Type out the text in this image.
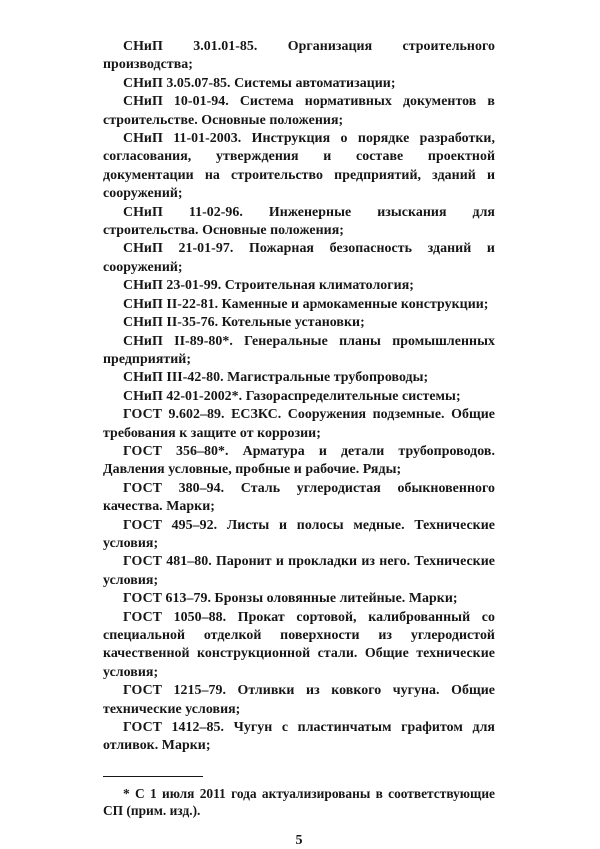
СНиП 3.01.01-85. Организация строительного производства;

СНиП 3.05.07-85. Системы автоматизации;

СНиП 10-01-94. Система нормативных документов в строительстве. Основные положения;

СНиП 11-01-2003. Инструкция о порядке разработки, согласования, утверждения и составе проектной документации на строительство предприятий, зданий и сооружений;

СНиП 11-02-96. Инженерные изыскания для строительства. Основные положения;

СНиП 21-01-97. Пожарная безопасность зданий и сооружений;

СНиП 23-01-99. Строительная климатология;

СНиП II-22-81. Каменные и армокаменные конструкции;

СНиП II-35-76. Котельные установки;

СНиП II-89-80*. Генеральные планы промышленных предприятий;

СНиП III-42-80. Магистральные трубопроводы;

СНиП 42-01-2002*. Газораспределительные системы;

ГОСТ 9.602–89. ЕСЗКС. Сооружения подземные. Общие требования к защите от коррозии;

ГОСТ 356–80*. Арматура и детали трубопроводов. Давления условные, пробные и рабочие. Ряды;

ГОСТ 380–94. Сталь углеродистая обыкновенного качества. Марки;

ГОСТ 495–92. Листы и полосы медные. Технические условия;

ГОСТ 481–80. Паронит и прокладки из него. Технические условия;

ГОСТ 613–79. Бронзы оловянные литейные. Марки;

ГОСТ 1050–88. Прокат сортовой, калиброванный со специальной отделкой поверхности из углеродистой качественной конструкционной стали. Общие технические условия;

ГОСТ 1215–79. Отливки из ковкого чугуна. Общие технические условия;

ГОСТ 1412–85. Чугун с пластинчатым графитом для отливок. Марки;

* С 1 июля 2011 года актуализированы в соответствующие СП (прим. изд.).

5
